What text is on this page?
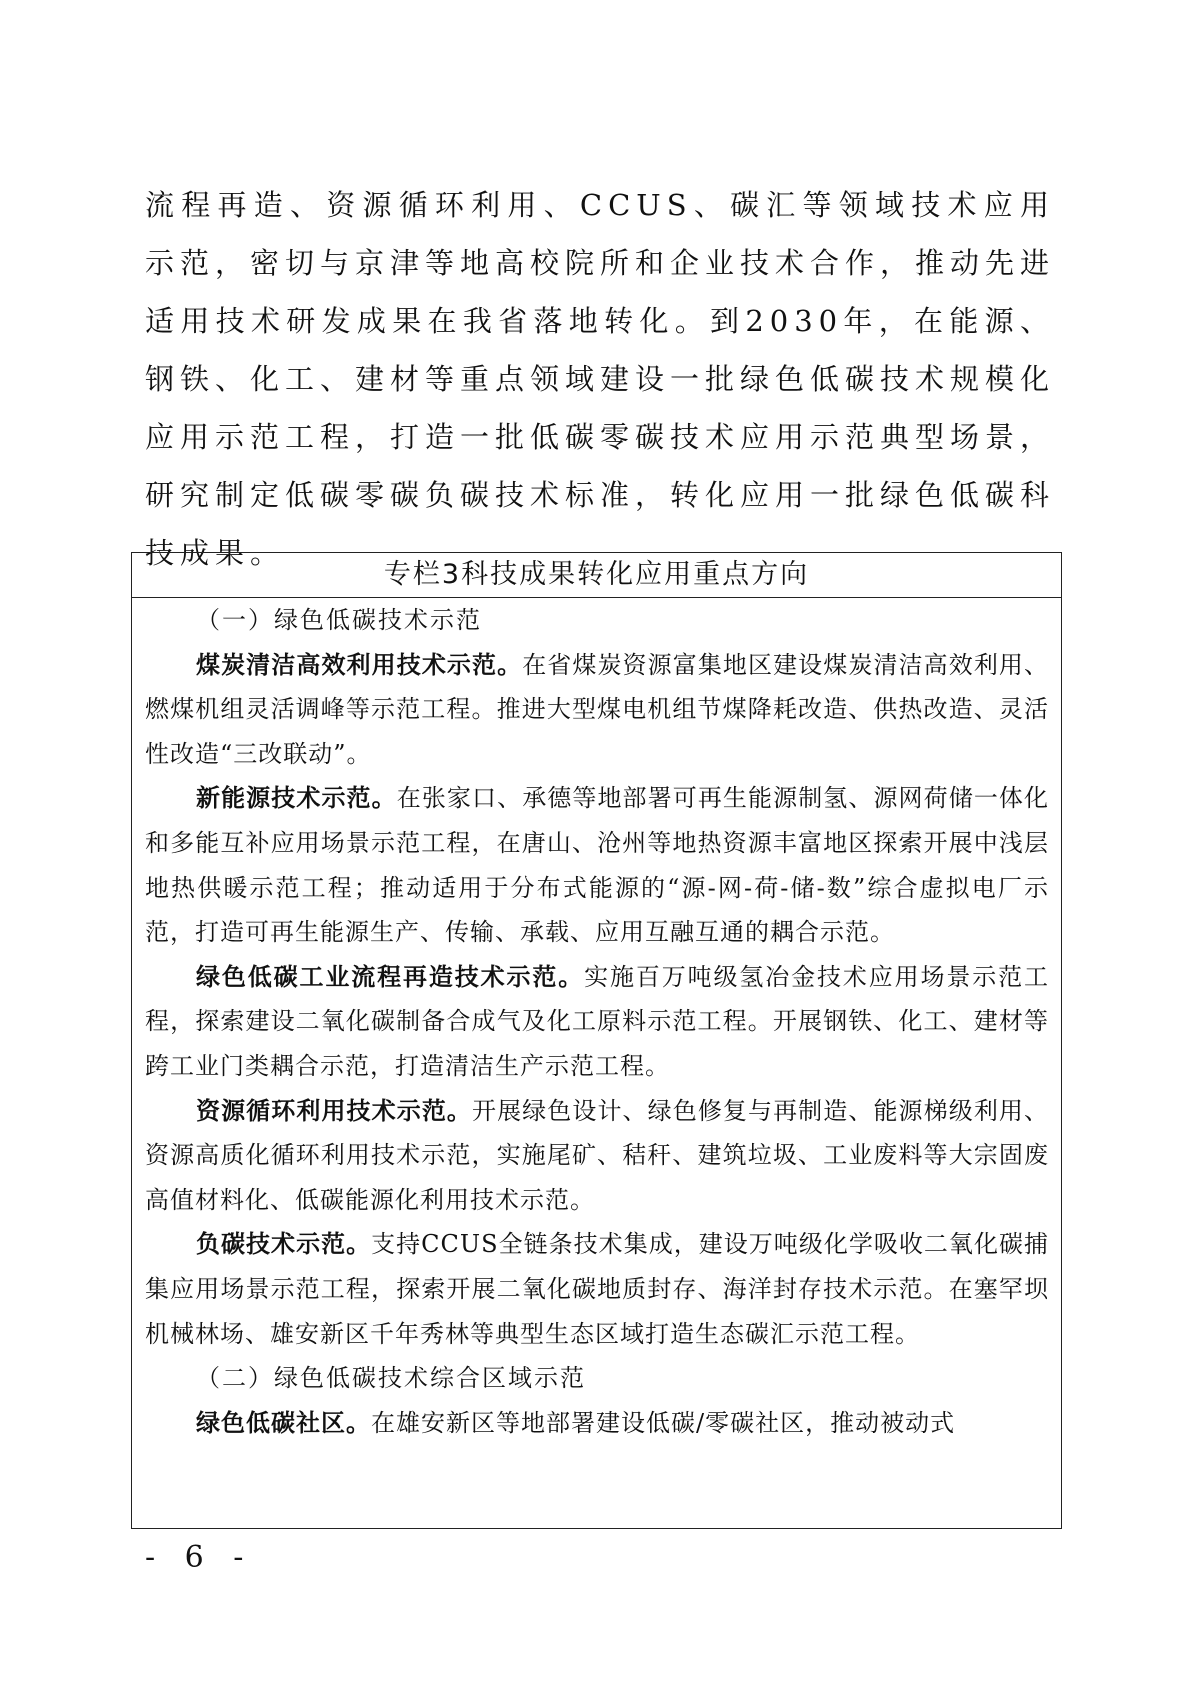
流程再造、资源循环利用、CCUS、碳汇等领域技术应用示范，密切与京津等地高校院所和企业技术合作，推动先进适用技术研发成果在我省落地转化。到2030年，在能源、钢铁、化工、建材等重点领域建设一批绿色低碳技术规模化应用示范工程，打造一批低碳零碳技术应用示范典型场景，研究制定低碳零碳负碳技术标准，转化应用一批绿色低碳科技成果。

专栏3科技成果转化应用重点方向

（一）绿色低碳技术示范

煤炭清洁高效利用技术示范。在省煤炭资源富集地区建设煤炭清洁高效利用、燃煤机组灵活调峰等示范工程。推进大型煤电机组节煤降耗改造、供热改造、灵活性改造“三改联动”。

新能源技术示范。在张家口、承德等地部署可再生能源制氢、源网荷储一体化和多能互补应用场景示范工程，在唐山、沧州等地热资源丰富地区探索开展中浅层地热供暖示范工程；推动适用于分布式能源的“源-网-荷-储-数”综合虚拟电厂示范，打造可再生能源生产、传输、承载、应用互融互通的耦合示范。

绿色低碳工业流程再造技术示范。实施百万吨级氢冶金技术应用场景示范工程，探索建设二氧化碳制备合成气及化工原料示范工程。开展钢铁、化工、建材等跨工业门类耦合示范，打造清洁生产示范工程。

资源循环利用技术示范。开展绿色设计、绿色修复与再制造、能源梯级利用、资源高质化循环利用技术示范，实施尾矿、秸秆、建筑垃圾、工业废料等大宗固废高值材料化、低碳能源化利用技术示范。

负碳技术示范。支持CCUS全链条技术集成，建设万吨级化学吸收二氧化碳捕集应用场景示范工程，探索开展二氧化碳地质封存、海洋封存技术示范。在塞罕坝机械林场、雄安新区千年秀林等典型生态区域打造生态碳汇示范工程。

（二）绿色低碳技术综合区域示范

绿色低碳社区。在雄安新区等地部署建设低碳/零碳社区，推动被动式

- 6 -
